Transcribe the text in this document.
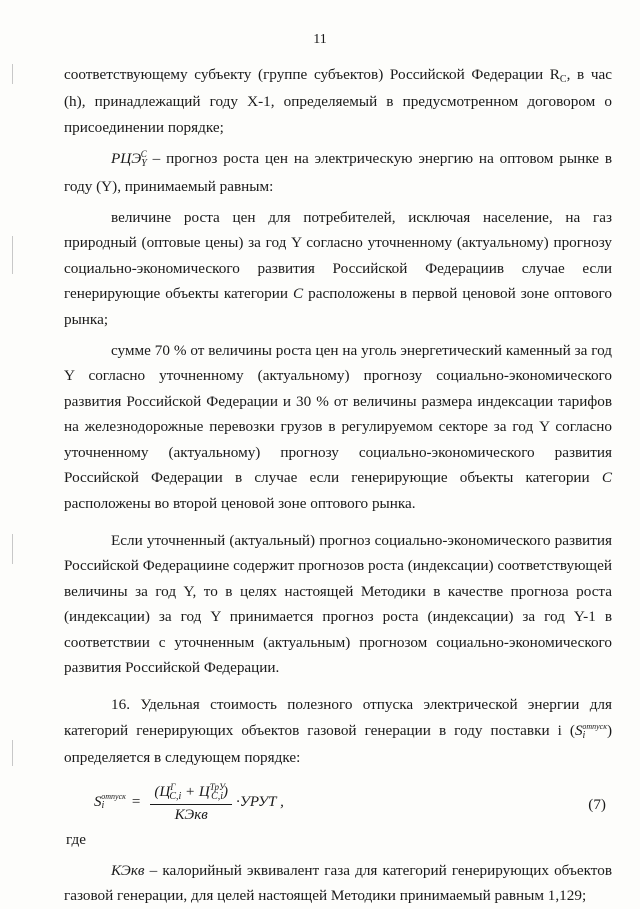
11

соответствующему субъекту (группе субъектов) Российской Федерации RC, в час (h), принадлежащий году X-1, определяемый в предусмотренном договором о присоединении порядке;

$РЦЭY^C$ – прогноз роста цен на электрическую энергию на оптовом рынке в году (Y), принимаемый равным:

величине роста цен для потребителей, исключая население, на газ природный (оптовые цены) за год Y согласно уточненному (актуальному) прогнозу социально-экономического развития Российской Федерациив случае если генерирующие объекты категории С расположены в первой ценовой зоне оптового рынка;

сумме 70 % от величины роста цен на уголь энергетический каменный за год Y согласно уточненному (актуальному) прогнозу социально-экономического развития Российской Федерации и 30 % от величины размера индексации тарифов на железнодорожные перевозки грузов в регулируемом секторе за год Y согласно уточненному (актуальному) прогнозу социально-экономического развития Российской Федерации в случае если генерирующие объекты категории С расположены во второй ценовой зоне оптового рынка.

Если уточненный (актуальный) прогноз социально-экономического развития Российской Федерациине содержит прогнозов роста (индексации) соответствующей величины за год Y, то в целях настоящей Методики в качестве прогноза роста (индексации) за год Y принимается прогноз роста (индексации) за год Y-1 в соответствии с уточненным (актуальным) прогнозом социально-экономического развития Российской Федерации.

16. Удельная стоимость полезного отпуска электрической энергии для категорий генерирующих объектов газовой генерации в году поставки i $(Si^{отпуск})$ определяется в следующем порядке:

S i
отпуск = $\frac{(Ц^Г_{C,i} + Ц^{ТрУ}_{C,i})}{\text{КЭкв}}$ ·УРУТ ,	(7)

где

КЭкв – калорийный эквивалент газа для категорий генерирующих объектов газовой генерации, для целей настоящей Методики принимаемый равным 1,129;
